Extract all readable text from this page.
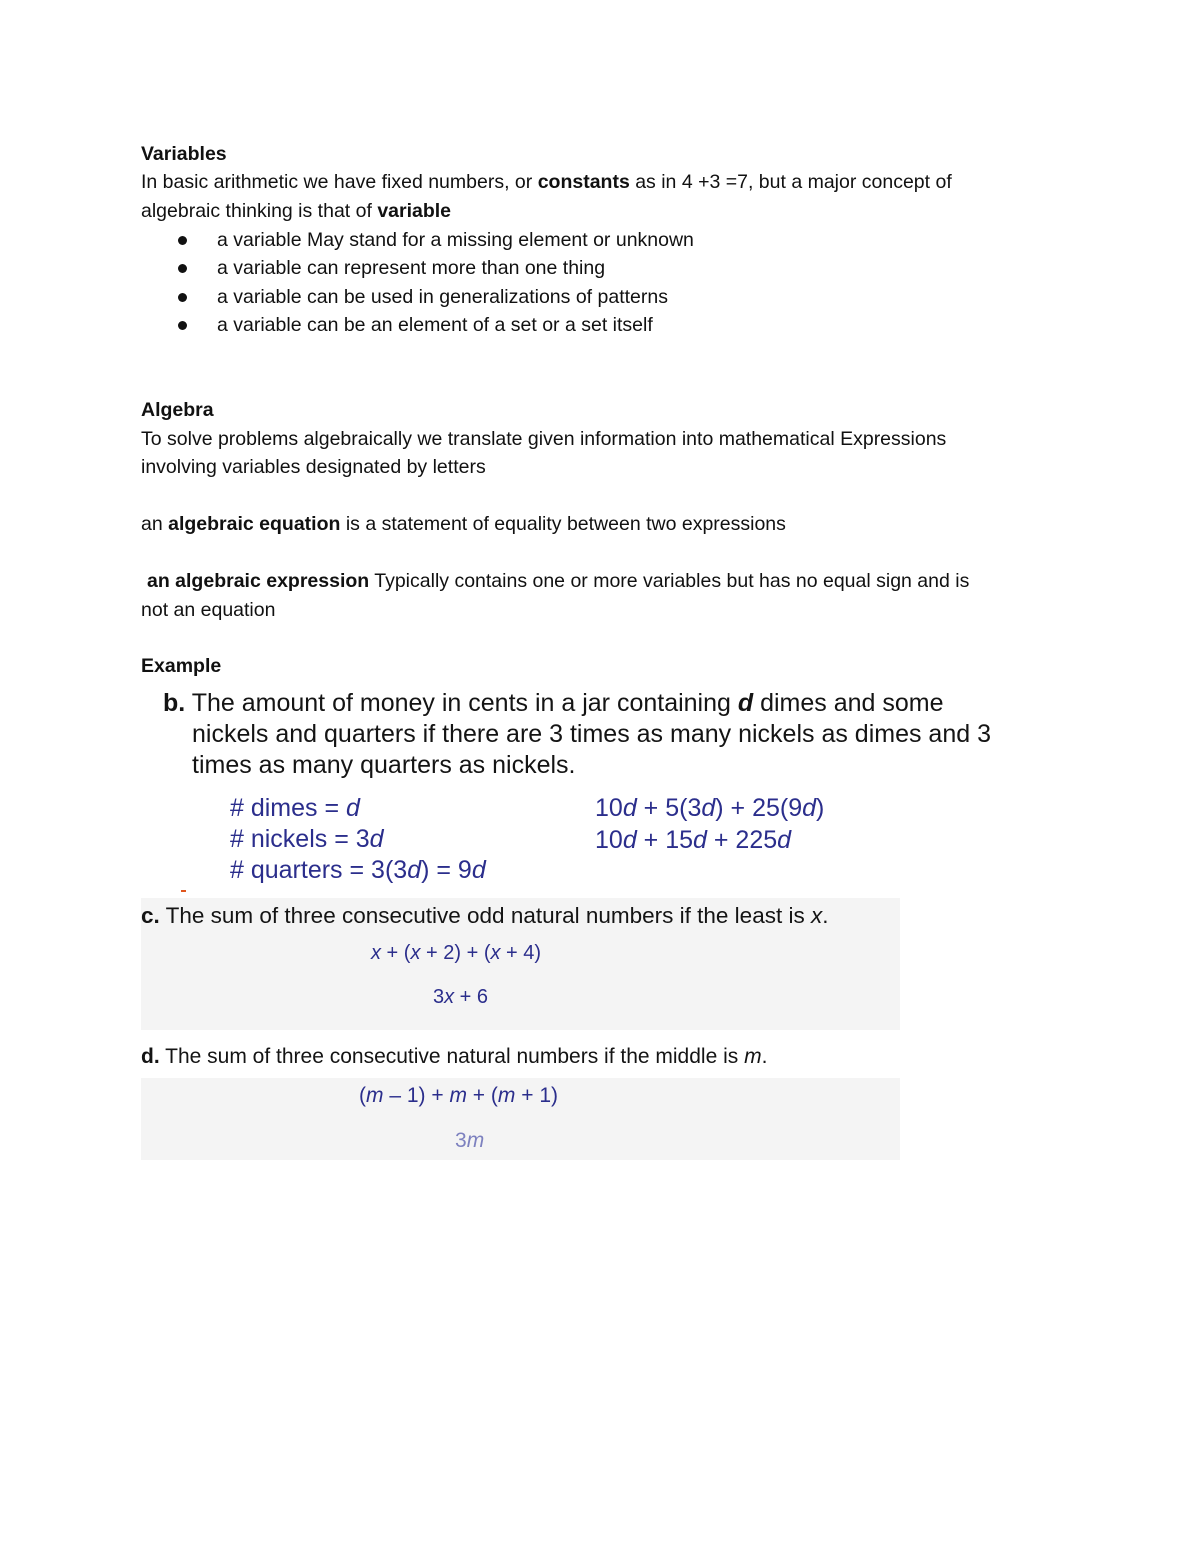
Variables
In basic arithmetic we have fixed numbers, or constants as in 4 +3 =7, but a major concept of
algebraic thinking is that of variable
a variable May stand for a missing element or unknown
a variable can represent more than one thing
a variable can be used in generalizations of patterns
a variable can be an element of a set or a set itself
Algebra
To solve problems algebraically we translate given information into mathematical Expressions
involving variables designated by letters
an algebraic equation is a statement of equality between two expressions
an algebraic expression Typically contains one or more variables but has no equal sign and is
not an equation
Example
b. The amount of money in cents in a jar containing d dimes and some
nickels and quarters if there are 3 times as many nickels as dimes and 3
times as many quarters as nickels.
# dimes = d
# nickels = 3d
# quarters = 3(3d) = 9d
10d + 5(3d) + 25(9d)
10d + 15d + 225d
c. The sum of three consecutive odd natural numbers if the least is x.
x + (x + 2) + (x + 4)
3x + 6
d. The sum of three consecutive natural numbers if the middle is m.
(m – 1) + m + (m + 1)
3m
